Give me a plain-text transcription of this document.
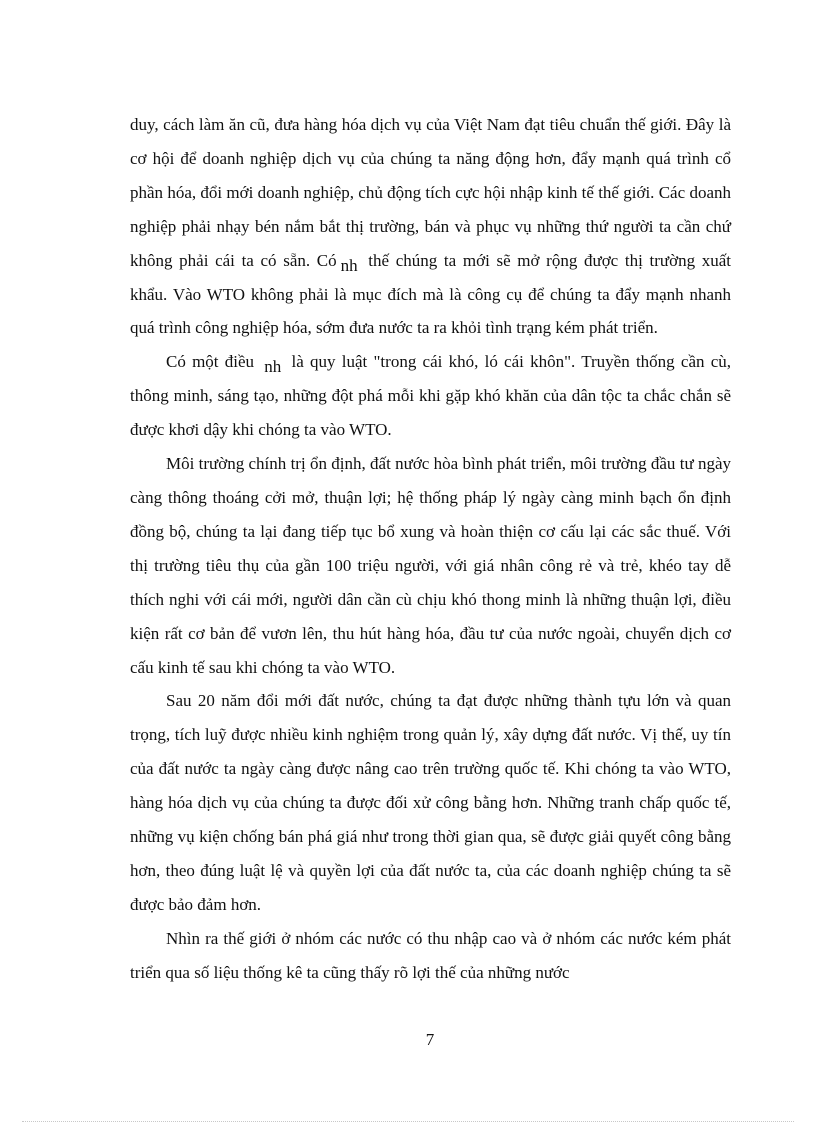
duy, cách làm ăn cũ, đưa hàng hóa dịch vụ của Việt Nam đạt tiêu chuẩn thế giới. Đây là cơ hội để doanh nghiệp dịch vụ của chúng ta năng động hơn, đẩy mạnh quá trình cổ phần hóa, đổi mới doanh nghiệp, chủ động tích cực hội nhập kinh tế thế giới. Các doanh nghiệp phải nhạy bén nắm bắt thị trường, bán và phục vụ những thứ người ta cần chứ không phải cái ta có sẵn. Có nh thế chúng ta mới sẽ mở rộng được thị trường xuất khẩu. Vào WTO không phải là mục đích mà là công cụ để chúng ta đẩy mạnh nhanh quá trình công nghiệp hóa, sớm đưa nước ta ra khỏi tình trạng kém phát triển.

Có một điều nh là quy luật "trong cái khó, ló cái khôn". Truyền thống cần cù, thông minh, sáng tạo, những đột phá mỗi khi gặp khó khăn của dân tộc ta chắc chắn sẽ được khơi dậy khi chóng ta vào WTO.

Môi trường chính trị ổn định, đất nước hòa bình phát triển, môi trường đầu tư ngày càng thông thoáng cởi mở, thuận lợi; hệ thống pháp lý ngày càng minh bạch ổn định đồng bộ, chúng ta lại đang tiếp tục bổ xung và hoàn thiện cơ cấu lại các sắc thuế. Với thị trường tiêu thụ của gần 100 triệu người, với giá nhân công rẻ và trẻ, khéo tay dễ thích nghi với cái mới, người dân cần cù chịu khó thong minh là những thuận lợi, điều kiện rất cơ bản để vươn lên, thu hút hàng hóa, đầu tư của nước ngoài, chuyển dịch cơ cấu kinh tế sau khi chóng ta vào WTO.

Sau 20 năm đổi mới đất nước, chúng ta đạt được những thành tựu lớn và quan trọng, tích luỹ được nhiều kinh nghiệm trong quản lý, xây dựng đất nước. Vị thế, uy tín của đất nước ta ngày càng được nâng cao trên trường quốc tế. Khi chóng ta vào WTO, hàng hóa dịch vụ của chúng ta được đối xử công bằng hơn. Những tranh chấp quốc tế, những vụ kiện chống bán phá giá như trong thời gian qua, sẽ được giải quyết công bằng hơn, theo đúng luật lệ và quyền lợi của đất nước ta, của các doanh nghiệp chúng ta sẽ được bảo đảm hơn.

Nhìn ra thế giới ở nhóm các nước có thu nhập cao và ở nhóm các nước kém phát triển qua số liệu thống kê ta cũng thấy rõ lợi thế của những nước

7
